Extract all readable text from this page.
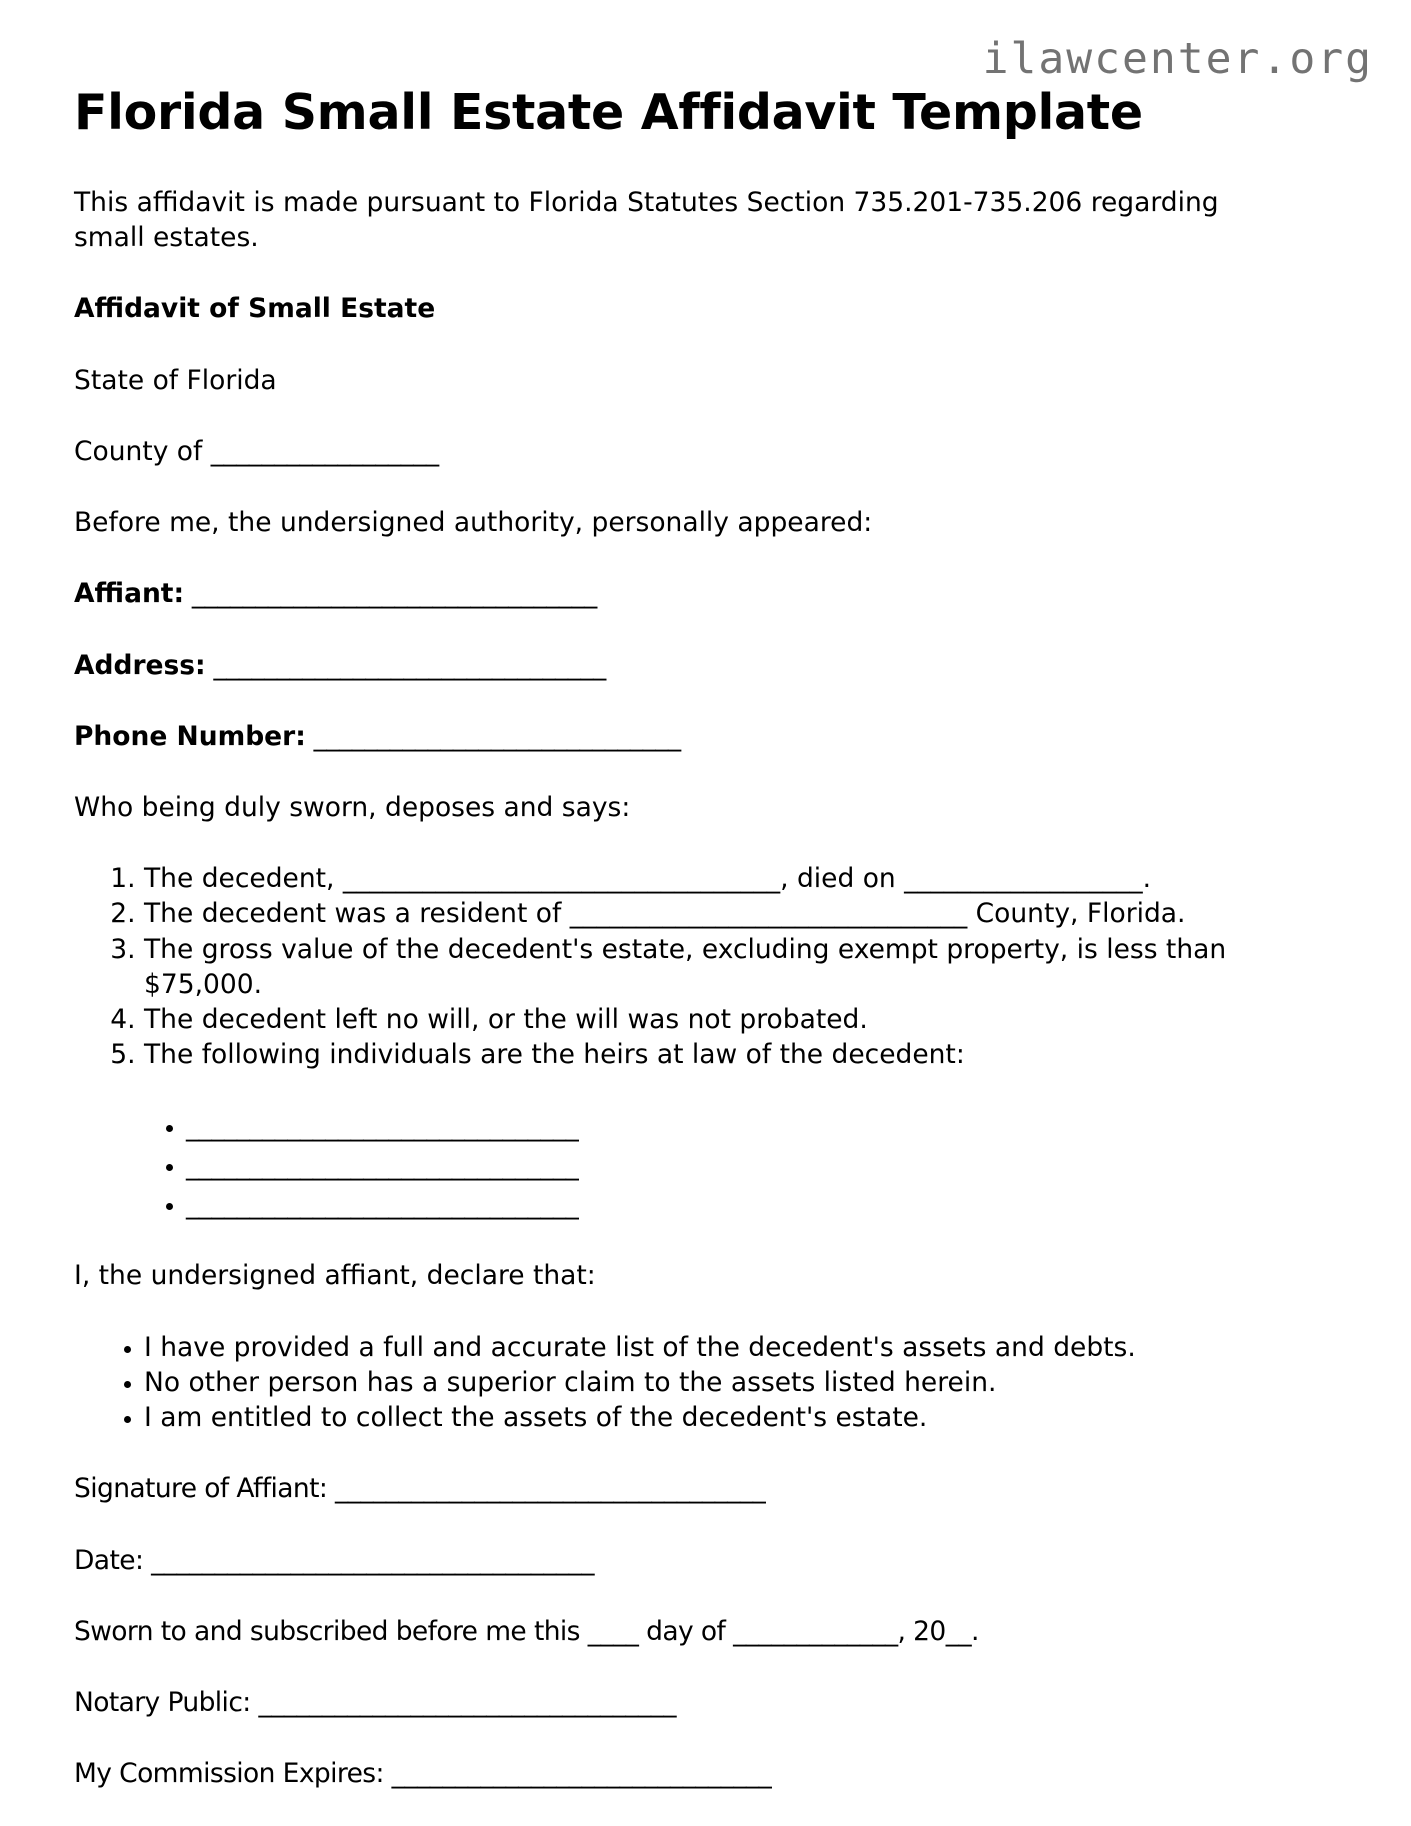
ilawcenter.org
Florida Small Estate Affidavit Template

This affidavit is made pursuant to Florida Statutes Section 735.201-735.206 regarding small estates.

Affidavit of Small Estate

State of Florida

County of __________________

Before me, the undersigned authority, personally appeared:

Affiant: ________________________________

Address: _______________________________

Phone Number: _____________________________

Who being duly sworn, deposes and says:

1. The decedent, _________________________________, died on __________________.
2. The decedent was a resident of ______________________________ County, Florida.
3. The gross value of the decedent's estate, excluding exempt property, is less than $75,000.
4. The decedent left no will, or the will was not probated.
5. The following individuals are the heirs at law of the decedent:
• _______________________________
• _______________________________
• _______________________________

I, the undersigned affiant, declare that:

• I have provided a full and accurate list of the decedent's assets and debts.
• No other person has a superior claim to the assets listed herein.
• I am entitled to collect the assets of the decedent's estate.

Signature of Affiant: __________________________________

Date: ___________________________________

Sworn to and subscribed before me this ____ day of _____________, 20__.

Notary Public: _________________________________

My Commission Expires: ______________________________
